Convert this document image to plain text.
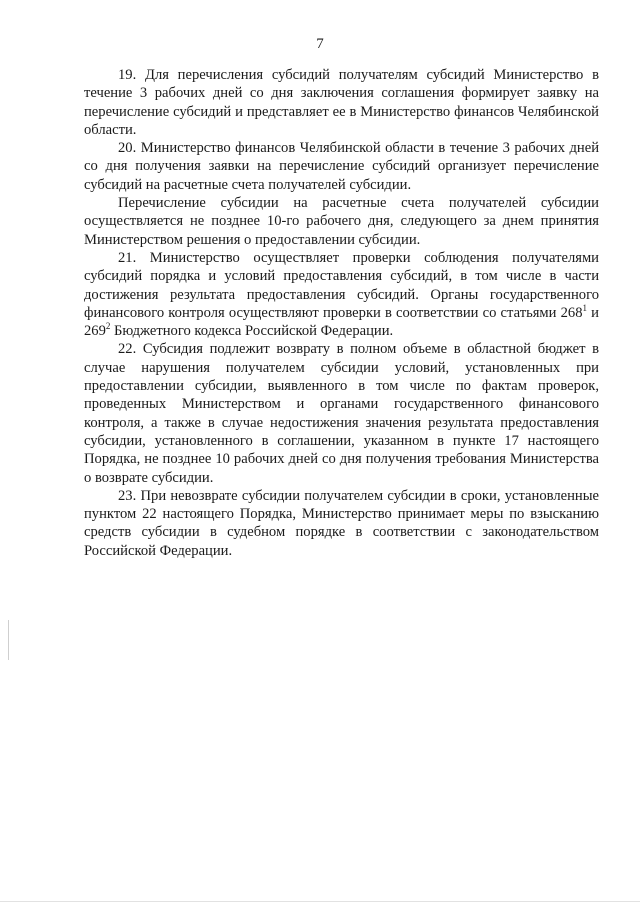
7

19. Для перечисления субсидий получателям субсидий Министерство в течение 3 рабочих дней со дня заключения соглашения формирует заявку на перечисление субсидий и представляет ее в Министерство финансов Челябинской области.

20. Министерство финансов Челябинской области в течение 3 рабочих дней со дня получения заявки на перечисление субсидий организует перечисление субсидий на расчетные счета получателей субсидии.

Перечисление субсидии на расчетные счета получателей субсидии осуществляется не позднее 10-го рабочего дня, следующего за днем принятия Министерством решения о предоставлении субсидии.

21. Министерство осуществляет проверки соблюдения получателями субсидий порядка и условий предоставления субсидий, в том числе в части достижения результата предоставления субсидий. Органы государственного финансового контроля осуществляют проверки в соответствии со статьями $268^1$ и $269^2$ Бюджетного кодекса Российской Федерации.

22. Субсидия подлежит возврату в полном объеме в областной бюджет в случае нарушения получателем субсидии условий, установленных при предоставлении субсидии, выявленного в том числе по фактам проверок, проведенных Министерством и органами государственного финансового контроля, а также в случае недостижения значения результата предоставления субсидии, установленного в соглашении, указанном в пункте 17 настоящего Порядка, не позднее 10 рабочих дней со дня получения требования Министерства о возврате субсидии.

23. При невозврате субсидии получателем субсидии в сроки, установленные пунктом 22 настоящего Порядка, Министерство принимает меры по взысканию средств субсидии в судебном порядке в соответствии с законодательством Российской Федерации.
